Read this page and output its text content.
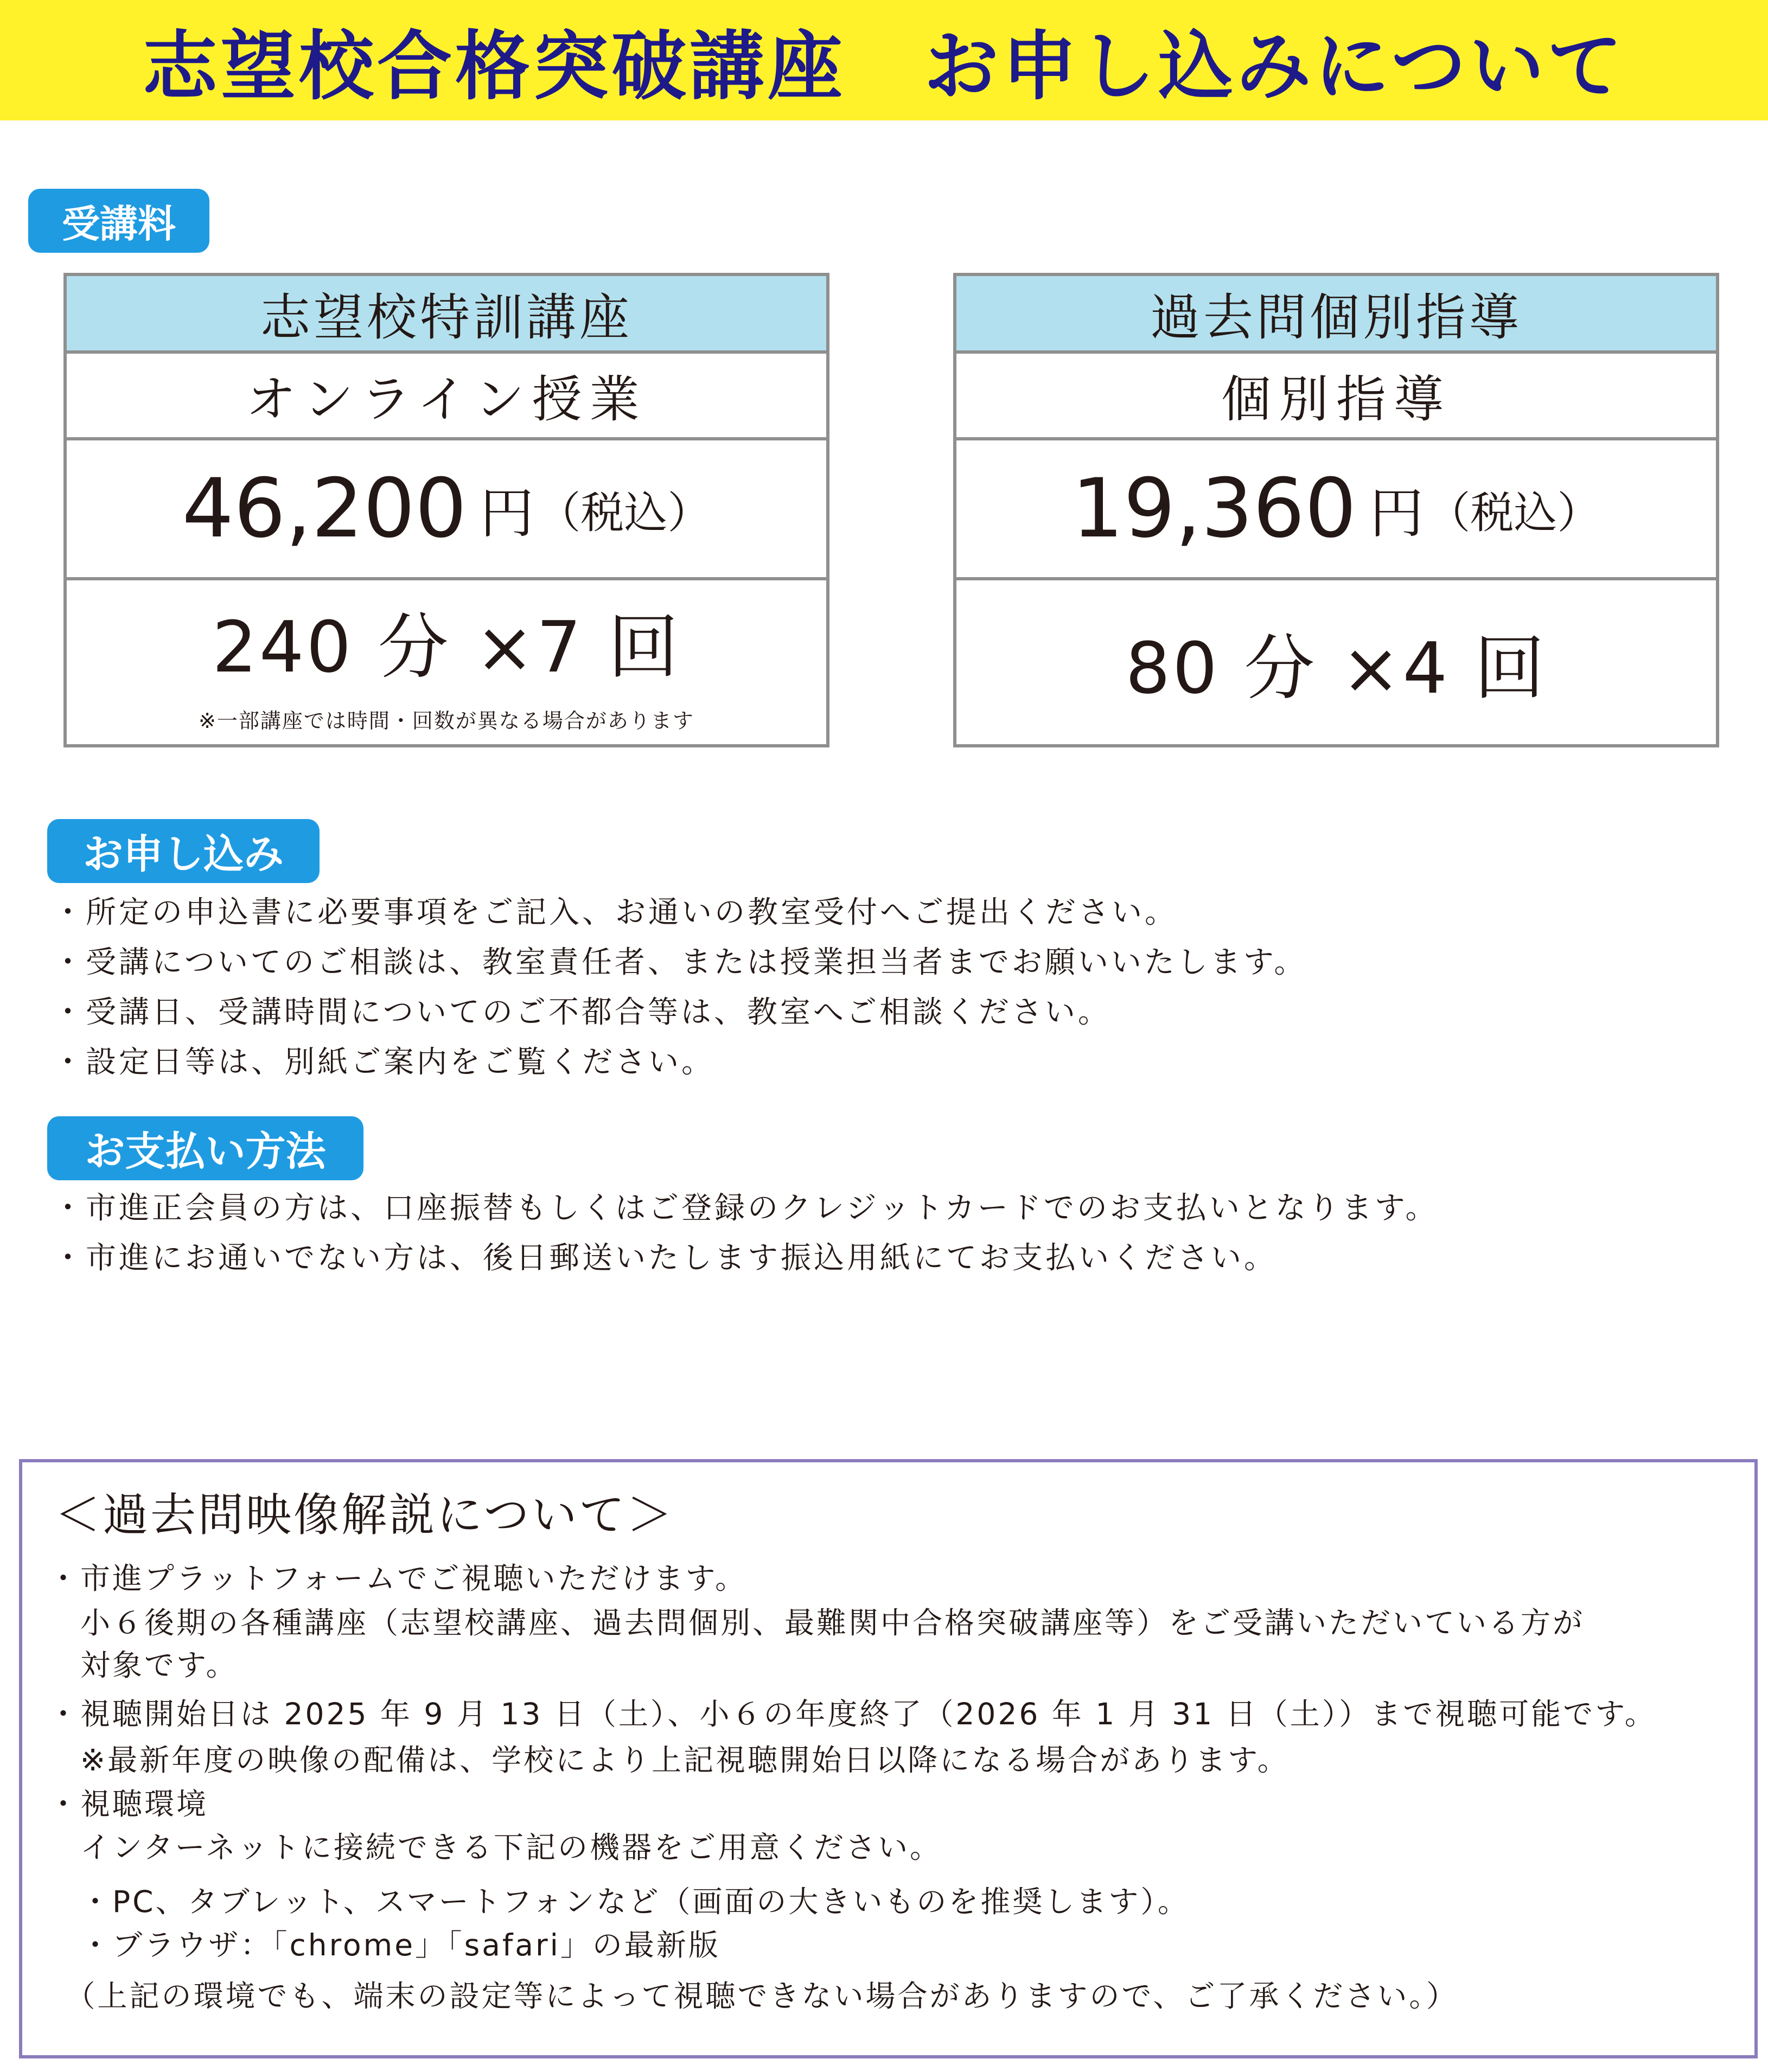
志望校合格突破講座　お申し込みについて
受講料
志望校特訓講座
オンライン授業
46,200 円 （税込）
240 分 ×7 回
※一部講座では時間・回数が異なる場合があります
過去問個別指導
個別指導
19,360 円 （税込）
80 分 ×4 回
お申し込み
・所定の申込書に必要事項をご記入、お通いの教室受付へご提出ください。
・受講についてのご相談は、教室責任者、または授業担当者までお願いいたします。
・受講日、受講時間についてのご不都合等は、教室へご相談ください。
・設定日等は、別紙ご案内をご覧ください。
お支払い方法
・市進正会員の方は、口座振替もしくはご登録のクレジットカードでのお支払いとなります。
・市進にお通いでない方は、後日郵送いたします振込用紙にてお支払いください。
＜過去問映像解説について＞
・市進プラットフォームでご視聴いただけます。
　小６後期の各種講座（志望校講座、過去問個別、最難関中合格突破講座等）をご受講いただいている方が
　対象です。
・視聴開始日は 2025 年 9 月 13 日（土）、小６の年度終了（2026 年 1 月 31 日（土））まで視聴可能です。
　※最新年度の映像の配備は、学校により上記視聴開始日以降になる場合があります。
・視聴環境
　インターネットに接続できる下記の機器をご用意ください。
　・PC、タブレット、スマートフォンなど（画面の大きいものを推奨します）。
　・ブラウザ：「chrome」「safari」の最新版
　（上記の環境でも、端末の設定等によって視聴できない場合がありますので、ご了承ください。）
